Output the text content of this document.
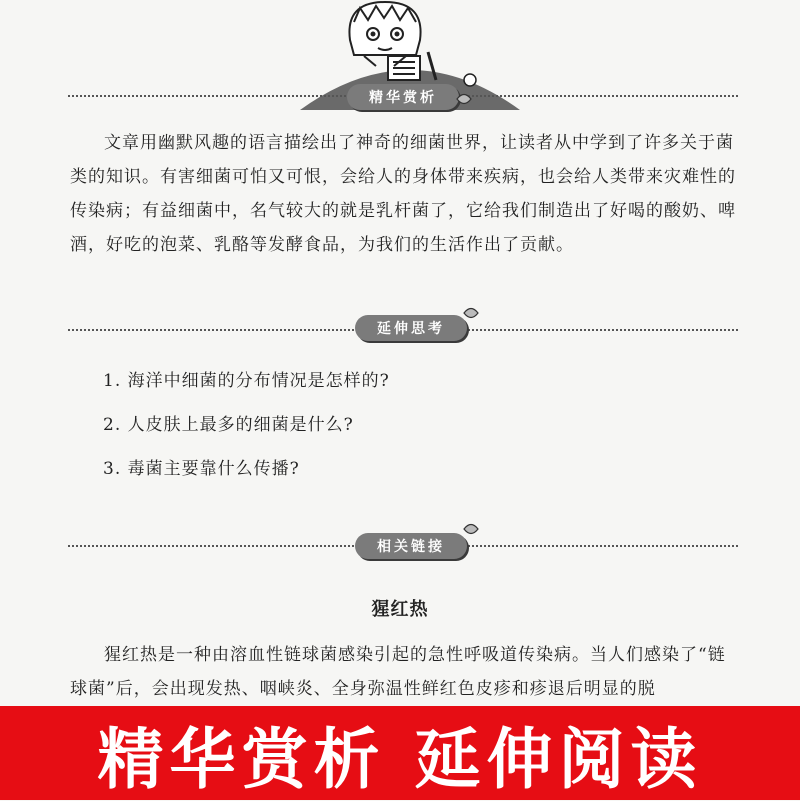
精华赏析

文章用幽默风趣的语言描绘出了神奇的细菌世界，让读者从中学到了许多关于菌类的知识。有害细菌可怕又可恨，会给人的身体带来疾病，也会给人类带来灾难性的传染病；有益细菌中，名气较大的就是乳杆菌了，它给我们制造出了好喝的酸奶、啤酒，好吃的泡菜、乳酪等发酵食品，为我们的生活作出了贡献。

延伸思考

1. 海洋中细菌的分布情况是怎样的?

2. 人皮肤上最多的细菌是什么?

3. 毒菌主要靠什么传播?

相关链接
猩红热

猩红热是一种由溶血性链球菌感染引起的急性呼吸道传染病。当人们感染了“链球菌”后，会出现发热、咽峡炎、全身弥温性鲜红色皮疹和疹退后明显的脱

精华赏析 延伸阅读
